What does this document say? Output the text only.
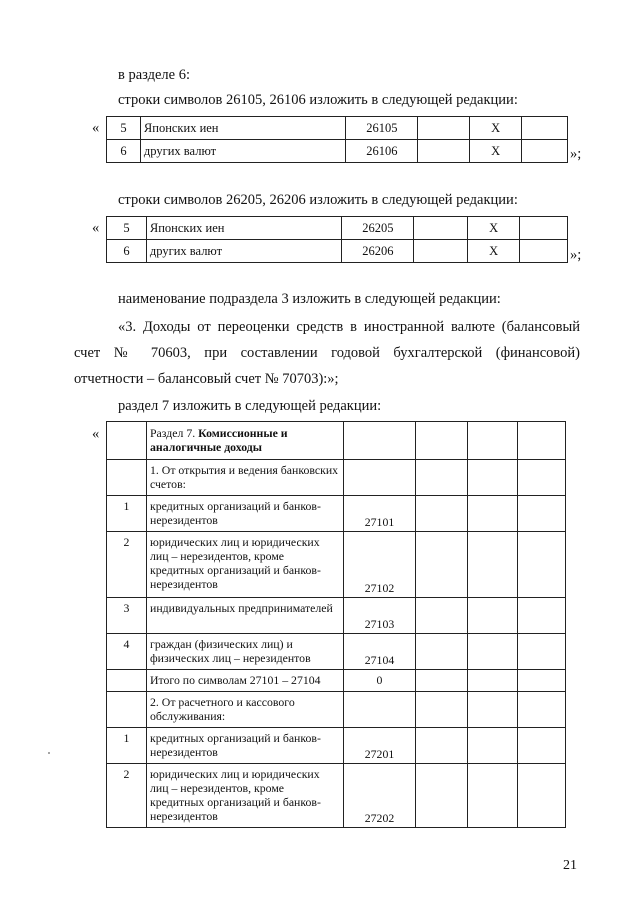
в разделе 6:
строки символов 26105, 26106 изложить в следующей редакции:
« 5	Японских иен	26105		X	
6	других валют	26106		X		»;
строки символов 26205, 26206 изложить в следующей редакции:
« 5	Японских иен	26205		X	
6	других валют	26206		X		»;
наименование подраздела 3 изложить в следующей редакции:
«3. Доходы от переоценки средств в иностранной валюте (балансовый
счет № 70603, при составлении годовой бухгалтерской (финансовой)
отчетности – балансовый счет № 70703):»;
раздел 7 изложить в следующей редакции:
«
		Раздел 7. Комиссионные и аналогичные доходы				
	1. От открытия и ведения банковских счетов:				
1	кредитных организаций и банков-нерезидентов	27101			
2	юридических лиц и юридических лиц – нерезидентов, кроме кредитных организаций и банков-нерезидентов	27102			
3	индивидуальных предпринимателей	27103			
4	граждан (физических лиц) и физических лиц – нерезидентов	27104			
	Итого по символам 27101 – 27104	0			
	2. От расчетного и кассового обслуживания:				
1	кредитных организаций и банков-нерезидентов	27201			
2	юридических лиц и юридических лиц – нерезидентов, кроме кредитных организаций и банков-нерезидентов	27202			
21
